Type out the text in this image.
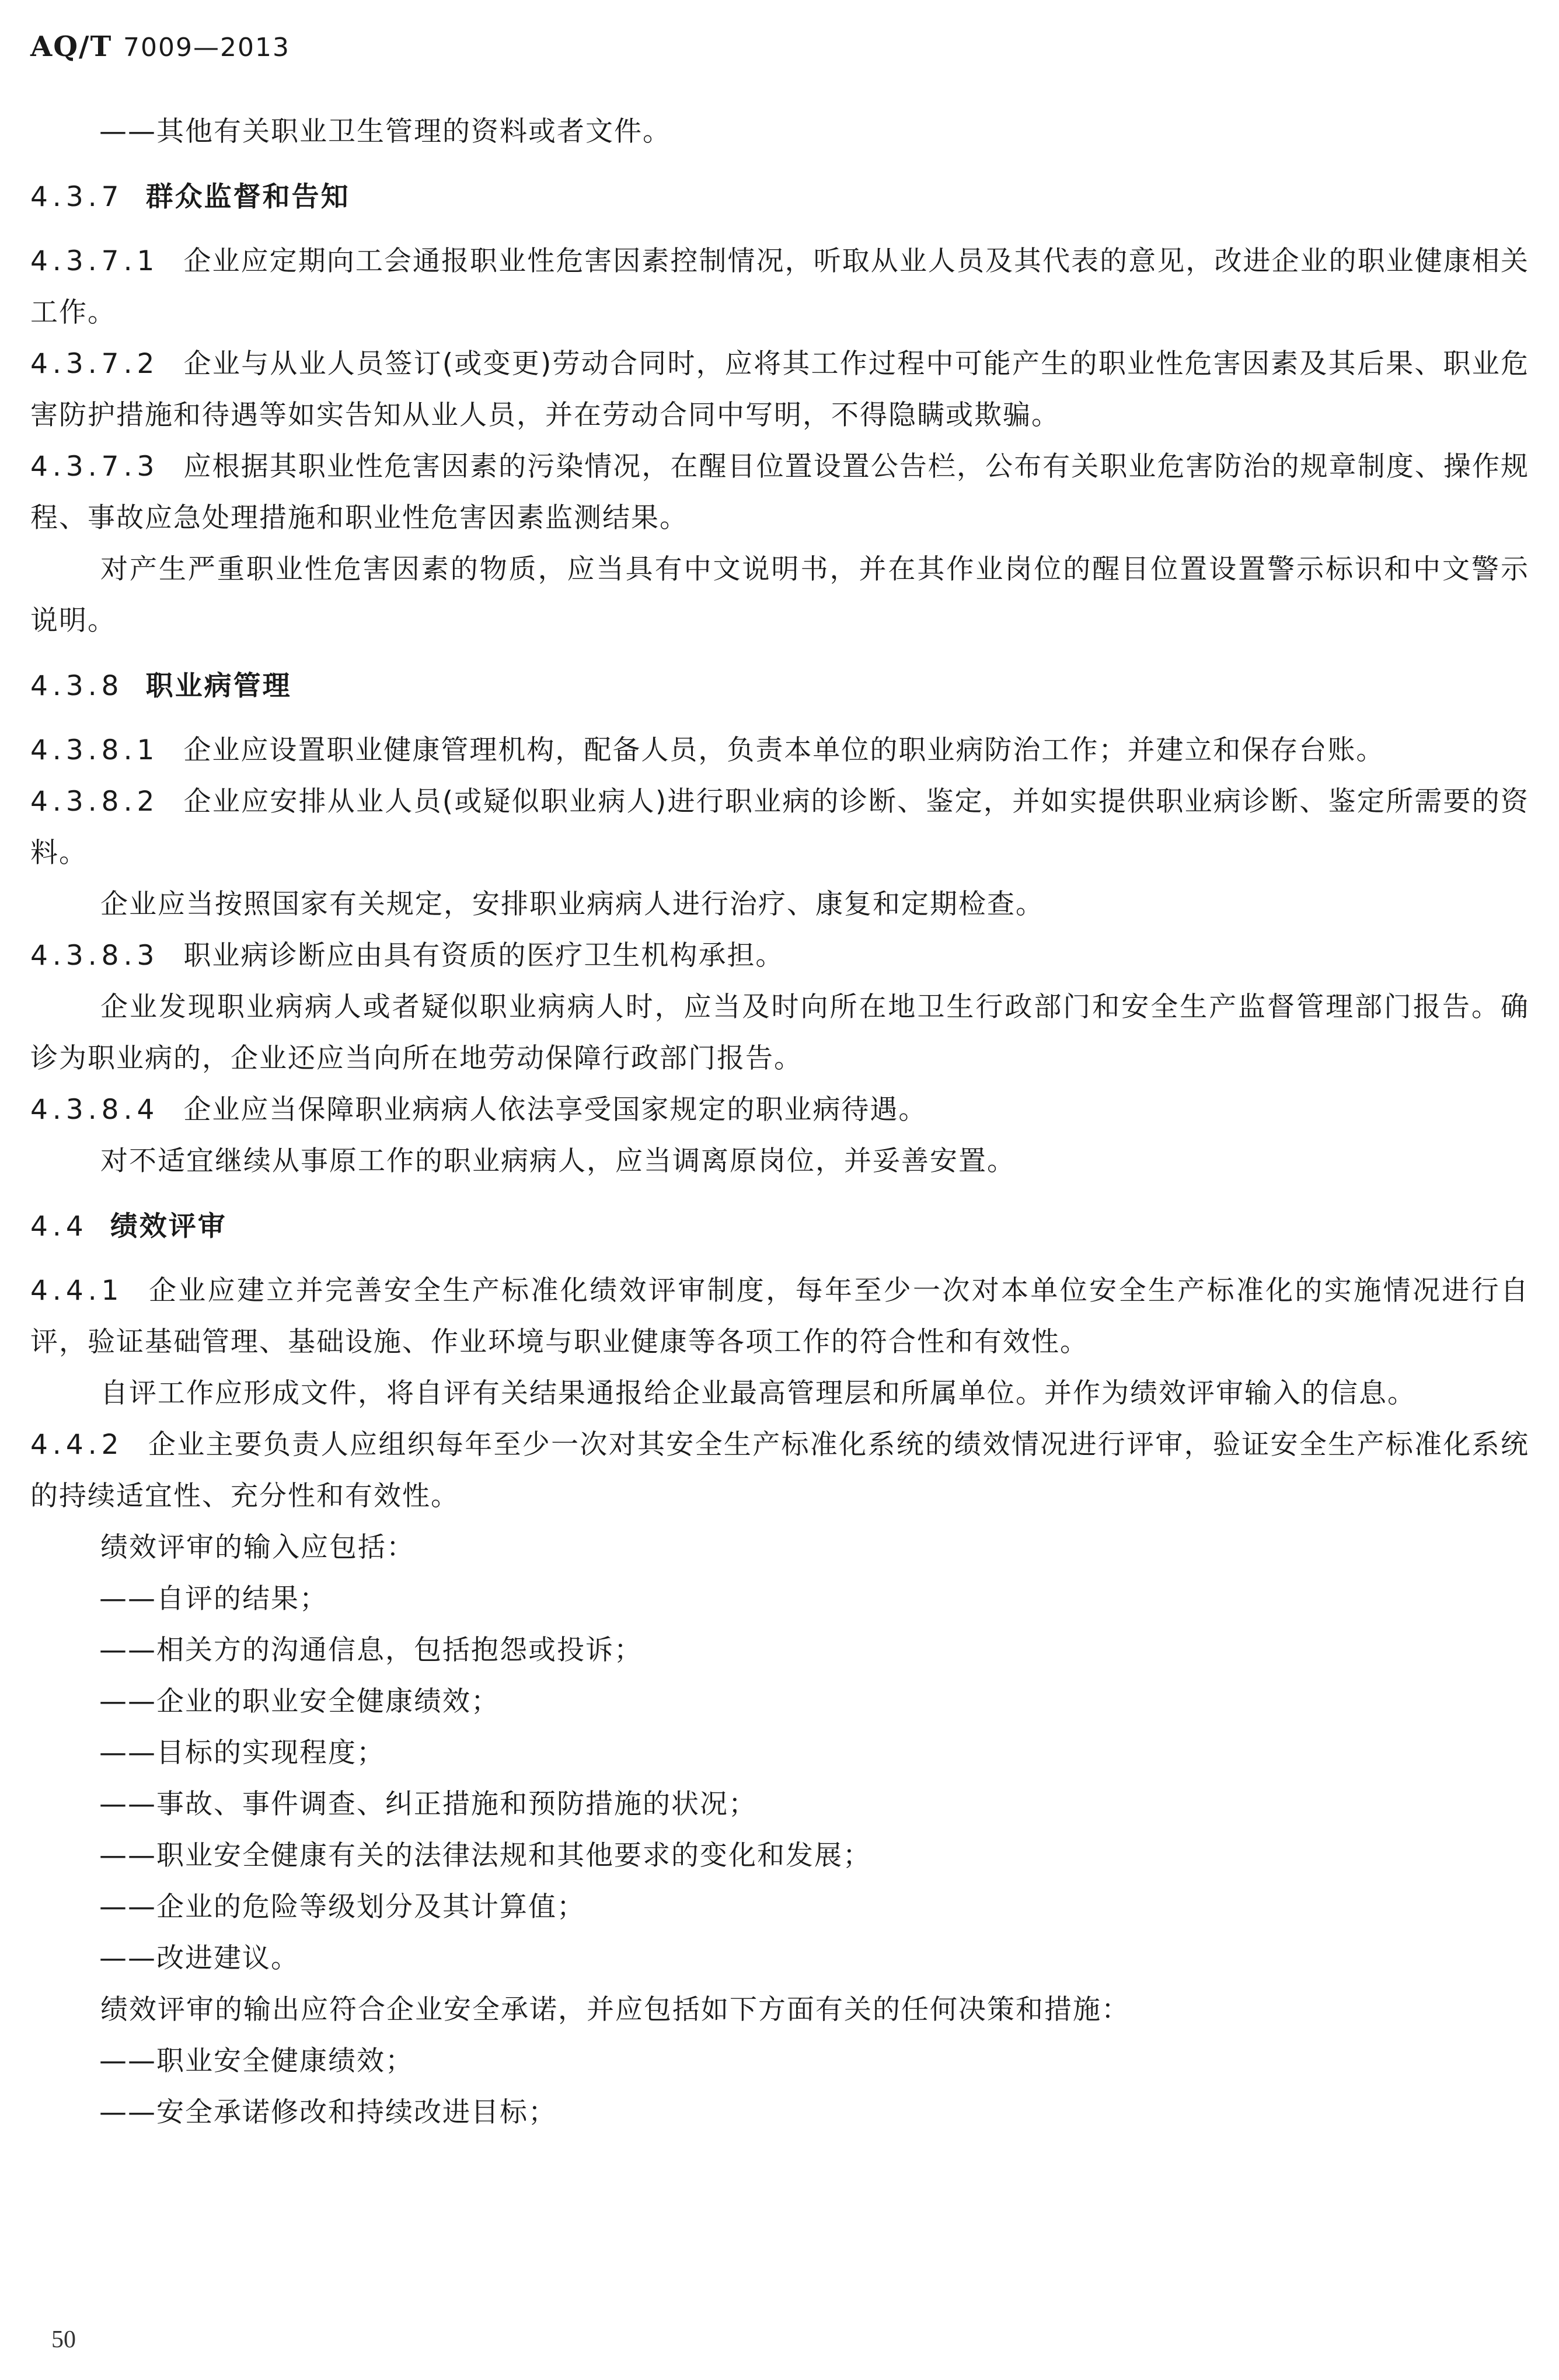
AQ/T 7009—2013

——其他有关职业卫生管理的资料或者文件。

4.3.7 群众监督和告知

4.3.7.1 企业应定期向工会通报职业性危害因素控制情况，听取从业人员及其代表的意见，改进企业的职业健康相关工作。

4.3.7.2 企业与从业人员签订(或变更)劳动合同时，应将其工作过程中可能产生的职业性危害因素及其后果、职业危害防护措施和待遇等如实告知从业人员，并在劳动合同中写明，不得隐瞒或欺骗。

4.3.7.3 应根据其职业性危害因素的污染情况，在醒目位置设置公告栏，公布有关职业危害防治的规章制度、操作规程、事故应急处理措施和职业性危害因素监测结果。

对产生严重职业性危害因素的物质，应当具有中文说明书，并在其作业岗位的醒目位置设置警示标识和中文警示说明。

4.3.8 职业病管理

4.3.8.1 企业应设置职业健康管理机构，配备人员，负责本单位的职业病防治工作；并建立和保存台账。

4.3.8.2 企业应安排从业人员(或疑似职业病人)进行职业病的诊断、鉴定，并如实提供职业病诊断、鉴定所需要的资料。

企业应当按照国家有关规定，安排职业病病人进行治疗、康复和定期检查。

4.3.8.3 职业病诊断应由具有资质的医疗卫生机构承担。

企业发现职业病病人或者疑似职业病病人时，应当及时向所在地卫生行政部门和安全生产监督管理部门报告。确诊为职业病的，企业还应当向所在地劳动保障行政部门报告。

4.3.8.4 企业应当保障职业病病人依法享受国家规定的职业病待遇。

对不适宜继续从事原工作的职业病病人，应当调离原岗位，并妥善安置。

4.4 绩效评审

4.4.1 企业应建立并完善安全生产标准化绩效评审制度，每年至少一次对本单位安全生产标准化的实施情况进行自评，验证基础管理、基础设施、作业环境与职业健康等各项工作的符合性和有效性。

自评工作应形成文件，将自评有关结果通报给企业最高管理层和所属单位。并作为绩效评审输入的信息。

4.4.2 企业主要负责人应组织每年至少一次对其安全生产标准化系统的绩效情况进行评审，验证安全生产标准化系统的持续适宜性、充分性和有效性。

绩效评审的输入应包括：

——自评的结果；

——相关方的沟通信息，包括抱怨或投诉；

——企业的职业安全健康绩效；

——目标的实现程度；

——事故、事件调查、纠正措施和预防措施的状况；

——职业安全健康有关的法律法规和其他要求的变化和发展；

——企业的危险等级划分及其计算值；

——改进建议。

绩效评审的输出应符合企业安全承诺，并应包括如下方面有关的任何决策和措施：

——职业安全健康绩效；

——安全承诺修改和持续改进目标；

50
